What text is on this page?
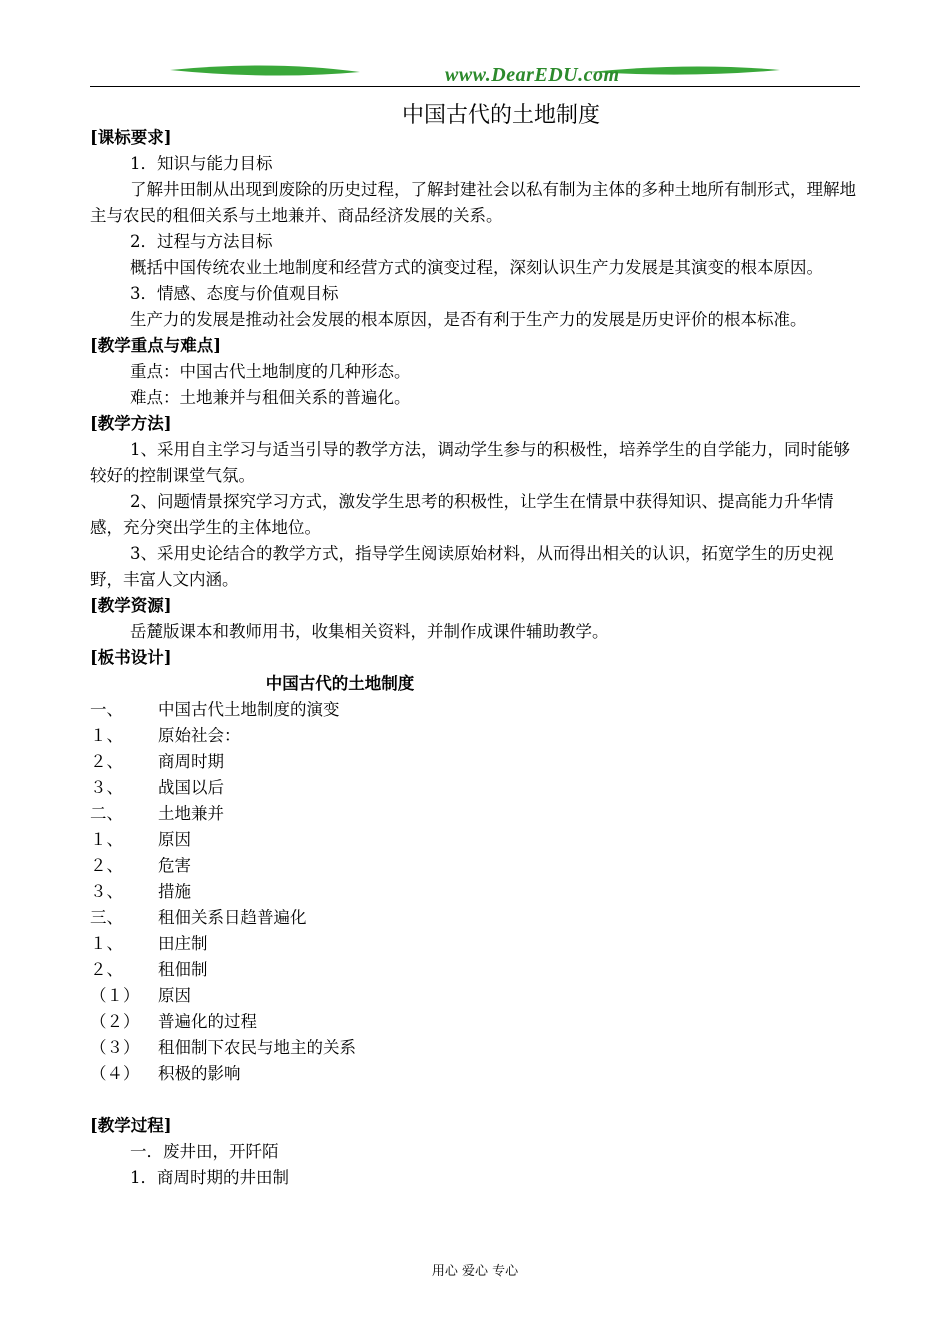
www.DearEDU.com
中国古代的土地制度

[课标要求]

1．知识与能力目标

了解井田制从出现到废除的历史过程，了解封建社会以私有制为主体的多种土地所有制形式，理解地主与农民的租佃关系与土地兼并、商品经济发展的关系。

2．过程与方法目标

概括中国传统农业土地制度和经营方式的演变过程，深刻认识生产力发展是其演变的根本原因。

3．情感、态度与价值观目标

生产力的发展是推动社会发展的根本原因，是否有利于生产力的发展是历史评价的根本标准。

[教学重点与难点]

重点：中国古代土地制度的几种形态。

难点：土地兼并与租佃关系的普遍化。

[教学方法]

1、采用自主学习与适当引导的教学方法，调动学生参与的积极性，培养学生的自学能力，同时能够较好的控制课堂气氛。

2、问题情景探究学习方式，激发学生思考的积极性，让学生在情景中获得知识、提高能力升华情感，充分突出学生的主体地位。

3、采用史论结合的教学方式，指导学生阅读原始材料，从而得出相关的认识，拓宽学生的历史视野，丰富人文内涵。

[教学资源]

岳麓版课本和教师用书，收集相关资料，并制作成课件辅助教学。

[板书设计]

中国古代的土地制度

一、	中国古代土地制度的演变
１、	原始社会：
２、	商周时期
３、	战国以后
二、	土地兼并
１、	原因
２、	危害
３、	措施
三、	租佃关系日趋普遍化
１、	田庄制
２、	租佃制
（１）	原因
（２）	普遍化的过程
（３）	租佃制下农民与地主的关系
（４）	积极的影响

[教学过程]

一．废井田，开阡陌

1．商周时期的井田制

用心 爱心 专心
